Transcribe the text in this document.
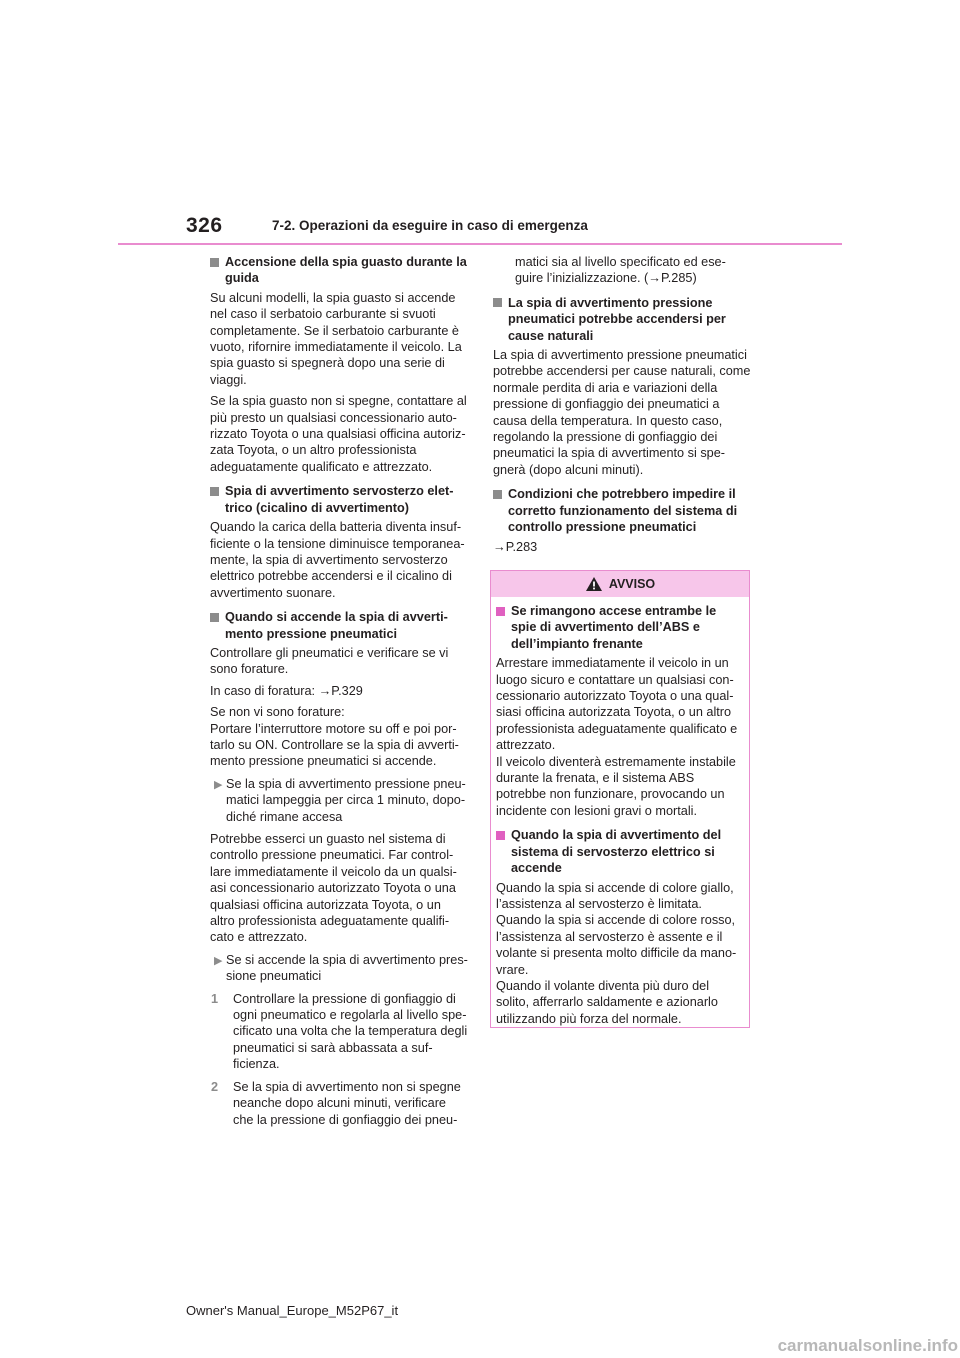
326	7-2. Operazioni da eseguire in caso di emergenza
Accensione della spia guasto durante la guida

Su alcuni modelli, la spia guasto si accende nel caso il serbatoio carburante si svuoti completamente. Se il serbatoio carburante è vuoto, rifornire immediatamente il veicolo. La spia guasto si spegnerà dopo una serie di viaggi.

Se la spia guasto non si spegne, contattare al più presto un qualsiasi concessionario auto-rizzato Toyota o una qualsiasi officina autoriz-zata Toyota, o un altro professionista adeguatamente qualificato e attrezzato.

Spia di avvertimento servosterzo elet-trico (cicalino di avvertimento)

Quando la carica della batteria diventa insuf-ficiente o la tensione diminuisce temporanea-mente, la spia di avvertimento servosterzo elettrico potrebbe accendersi e il cicalino di avvertimento suonare.

Quando si accende la spia di avverti-mento pressione pneumatici

Controllare gli pneumatici e verificare se vi sono forature.

In caso di foratura: →P.329

Se non vi sono forature:
Portare l’interruttore motore su off e poi por-tarlo su ON. Controllare se la spia di avverti-mento pressione pneumatici si accende.

▶ Se la spia di avvertimento pressione pneu-matici lampeggia per circa 1 minuto, dopo-diché rimane accesa

Potrebbe esserci un guasto nel sistema di controllo pressione pneumatici. Far control-lare immediatamente il veicolo da un qualsi-asi concessionario autorizzato Toyota o una qualsiasi officina autorizzata Toyota, o un altro professionista adeguatamente qualifi-cato e attrezzato.

▶ Se si accende la spia di avvertimento pres-sione pneumatici
1	Controllare la pressione di gonfiaggio di ogni pneumatico e regolarla al livello spe-cificato una volta che la temperatura degli pneumatici si sarà abbassata a suf-ficienza.
2	Se la spia di avvertimento non si spegne neanche dopo alcuni minuti, verificare che la pressione di gonfiaggio dei pneu-

matici sia al livello specificato ed ese-guire l’inizializzazione. (→P.285)

La spia di avvertimento pressione pneumatici potrebbe accendersi per cause naturali

La spia di avvertimento pressione pneumatici potrebbe accendersi per cause naturali, come normale perdita di aria e variazioni della pressione di gonfiaggio dei pneumatici a causa della temperatura. In questo caso, regolando la pressione di gonfiaggio dei pneumatici la spia di avvertimento si spe-gnerà (dopo alcuni minuti).

Condizioni che potrebbero impedire il corretto funzionamento del sistema di controllo pressione pneumatici

→P.283

AVVISO
Se rimangono accese entrambe le spie di avvertimento dell’ABS e dell’impianto frenante

Arrestare immediatamente il veicolo in un luogo sicuro e contattare un qualsiasi con-cessionario autorizzato Toyota o una qual-siasi officina autorizzata Toyota, o un altro professionista adeguatamente qualificato e attrezzato.

Il veicolo diventerà estremamente instabile durante la frenata, e il sistema ABS potrebbe non funzionare, provocando un incidente con lesioni gravi o mortali.

Quando la spia di avvertimento del sistema di servosterzo elettrico si accende

Quando la spia si accende di colore giallo, l’assistenza al servosterzo è limitata.

Quando la spia si accende di colore rosso, l’assistenza al servosterzo è assente e il volante si presenta molto difficile da mano-vrare.

Quando il volante diventa più duro del solito, afferrarlo saldamente e azionarlo utilizzando più forza del normale.

Owner's Manual_Europe_M52P67_it
carmanualsonline.info
